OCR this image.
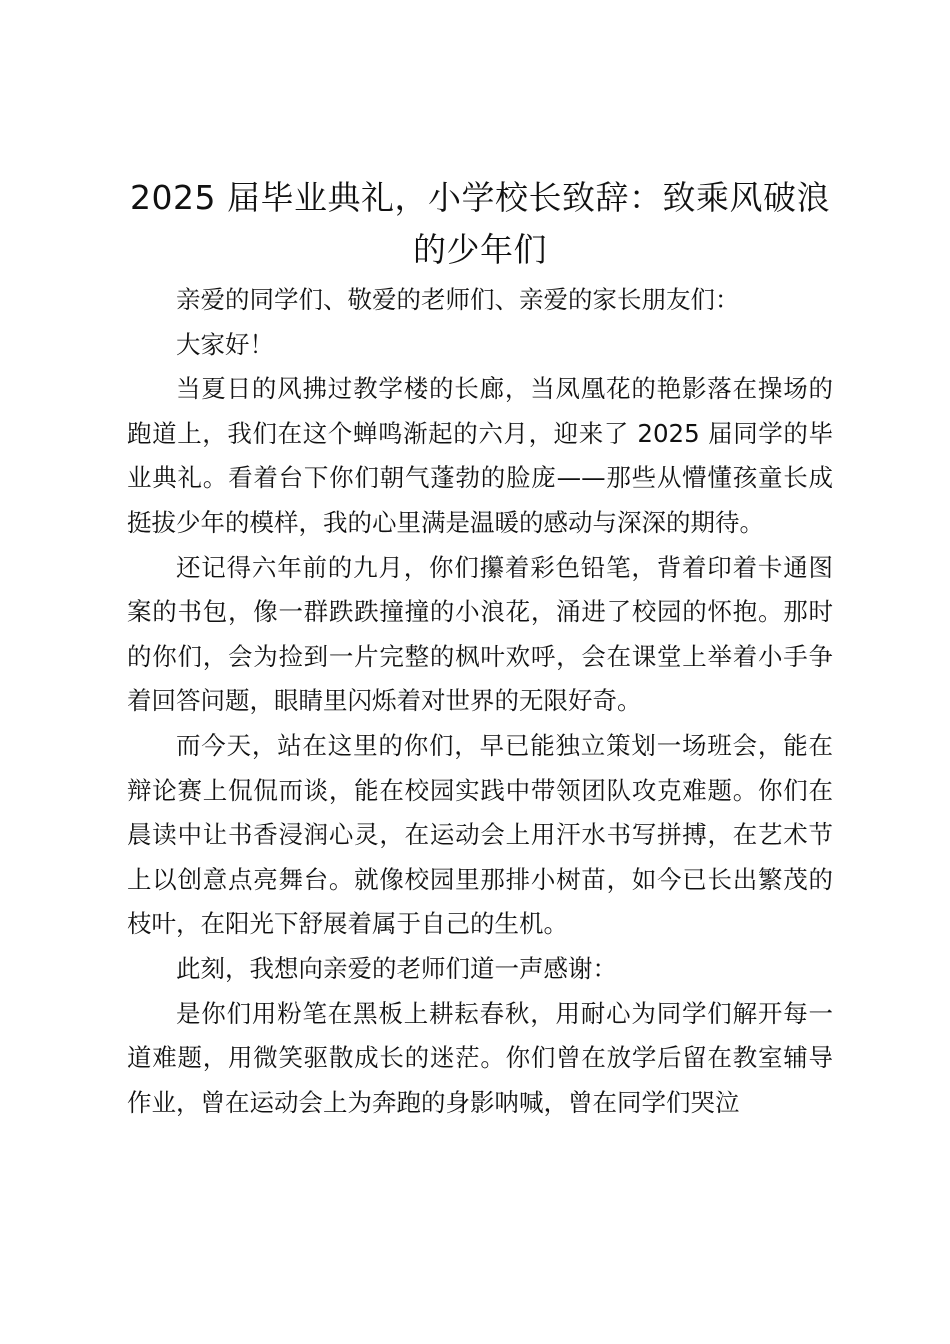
2025 届毕业典礼，小学校长致辞：致乘风破浪的少年们

亲爱的同学们、敬爱的老师们、亲爱的家长朋友们：

大家好！

当夏日的风拂过教学楼的长廊，当凤凰花的艳影落在操场的跑道上，我们在这个蝉鸣渐起的六月，迎来了 2025 届同学的毕业典礼。看着台下你们朝气蓬勃的脸庞——那些从懵懂孩童长成挺拔少年的模样，我的心里满是温暖的感动与深深的期待。

还记得六年前的九月，你们攥着彩色铅笔，背着印着卡通图案的书包，像一群跌跌撞撞的小浪花，涌进了校园的怀抱。那时的你们，会为捡到一片完整的枫叶欢呼，会在课堂上举着小手争着回答问题，眼睛里闪烁着对世界的无限好奇。

而今天，站在这里的你们，早已能独立策划一场班会，能在辩论赛上侃侃而谈，能在校园实践中带领团队攻克难题。你们在晨读中让书香浸润心灵，在运动会上用汗水书写拼搏，在艺术节上以创意点亮舞台。就像校园里那排小树苗，如今已长出繁茂的枝叶，在阳光下舒展着属于自己的生机。

此刻，我想向亲爱的老师们道一声感谢：

是你们用粉笔在黑板上耕耘春秋，用耐心为同学们解开每一道难题，用微笑驱散成长的迷茫。你们曾在放学后留在教室辅导作业，曾在运动会上为奔跑的身影呐喊，曾在同学们哭泣
